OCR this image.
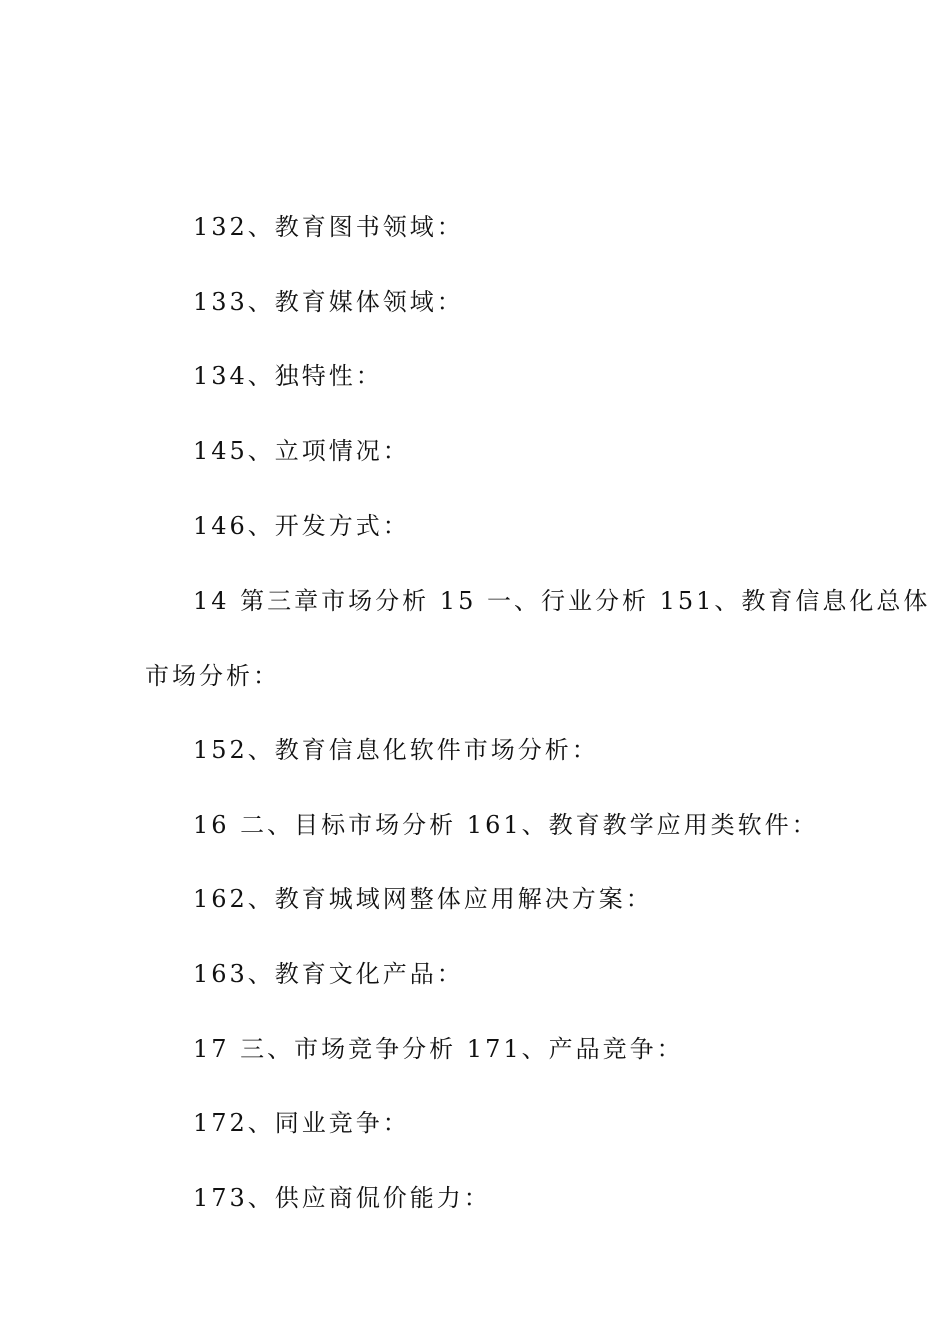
132、教育图书领域：
133、教育媒体领域：
134、独特性：
145、立项情况：
146、开发方式：
14 第三章市场分析 15 一、行业分析 151、教育信息化总体
市场分析：
152、教育信息化软件市场分析：
16 二、目标市场分析 161、教育教学应用类软件：
162、教育城域网整体应用解决方案：
163、教育文化产品：
17 三、市场竞争分析 171、产品竞争：
172、同业竞争：
173、供应商侃价能力：
